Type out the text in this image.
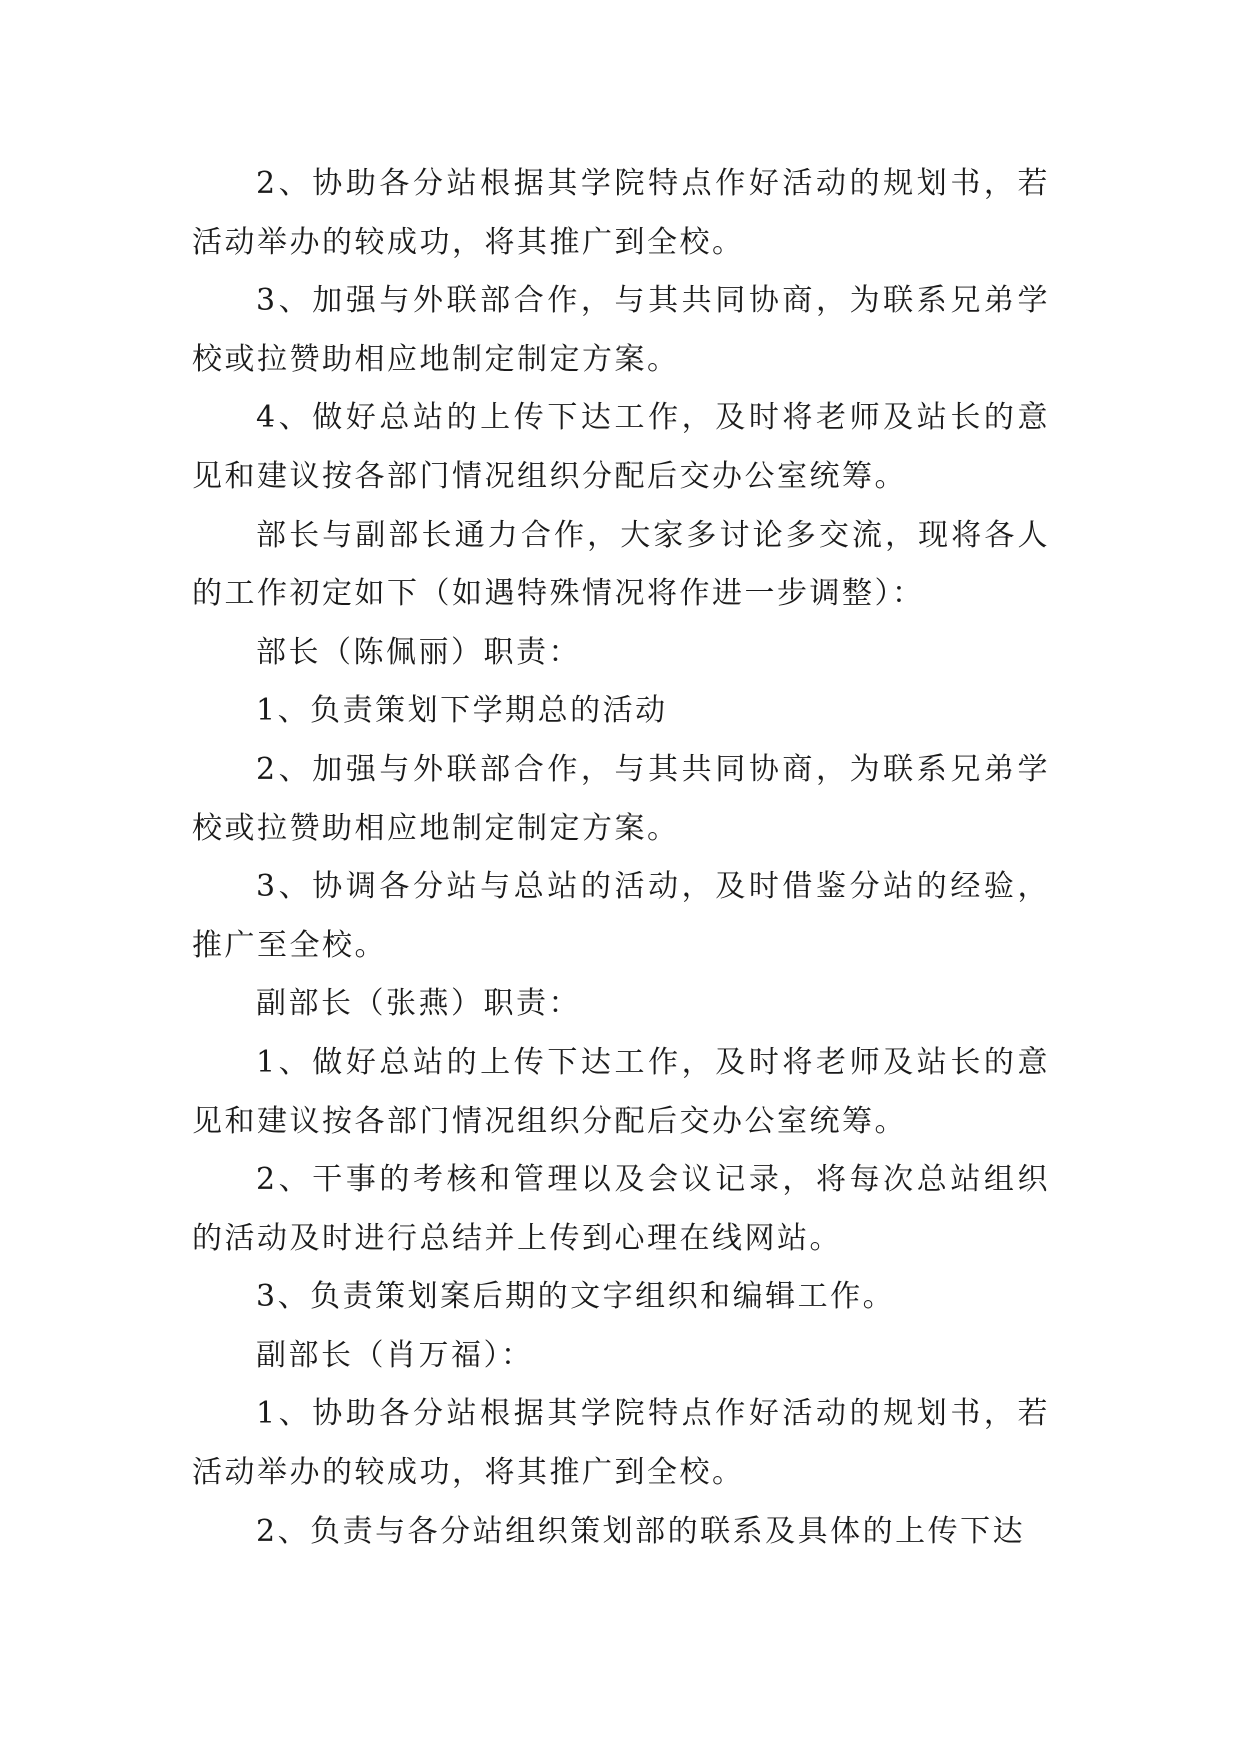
2、协助各分站根据其学院特点作好活动的规划书，若活动举办的较成功，将其推广到全校。

3、加强与外联部合作，与其共同协商，为联系兄弟学校或拉赞助相应地制定制定方案。

4、做好总站的上传下达工作，及时将老师及站长的意见和建议按各部门情况组织分配后交办公室统筹。

部长与副部长通力合作，大家多讨论多交流，现将各人的工作初定如下（如遇特殊情况将作进一步调整）：

部长（陈佩丽）职责：

1、负责策划下学期总的活动

2、加强与外联部合作，与其共同协商，为联系兄弟学校或拉赞助相应地制定制定方案。

3、协调各分站与总站的活动，及时借鉴分站的经验，推广至全校。

副部长（张燕）职责：

1、做好总站的上传下达工作，及时将老师及站长的意见和建议按各部门情况组织分配后交办公室统筹。

2、干事的考核和管理以及会议记录，将每次总站组织的活动及时进行总结并上传到心理在线网站。

3、负责策划案后期的文字组织和编辑工作。

副部长（肖万福）：

1、协助各分站根据其学院特点作好活动的规划书，若活动举办的较成功，将其推广到全校。

2、负责与各分站组织策划部的联系及具体的上传下达
